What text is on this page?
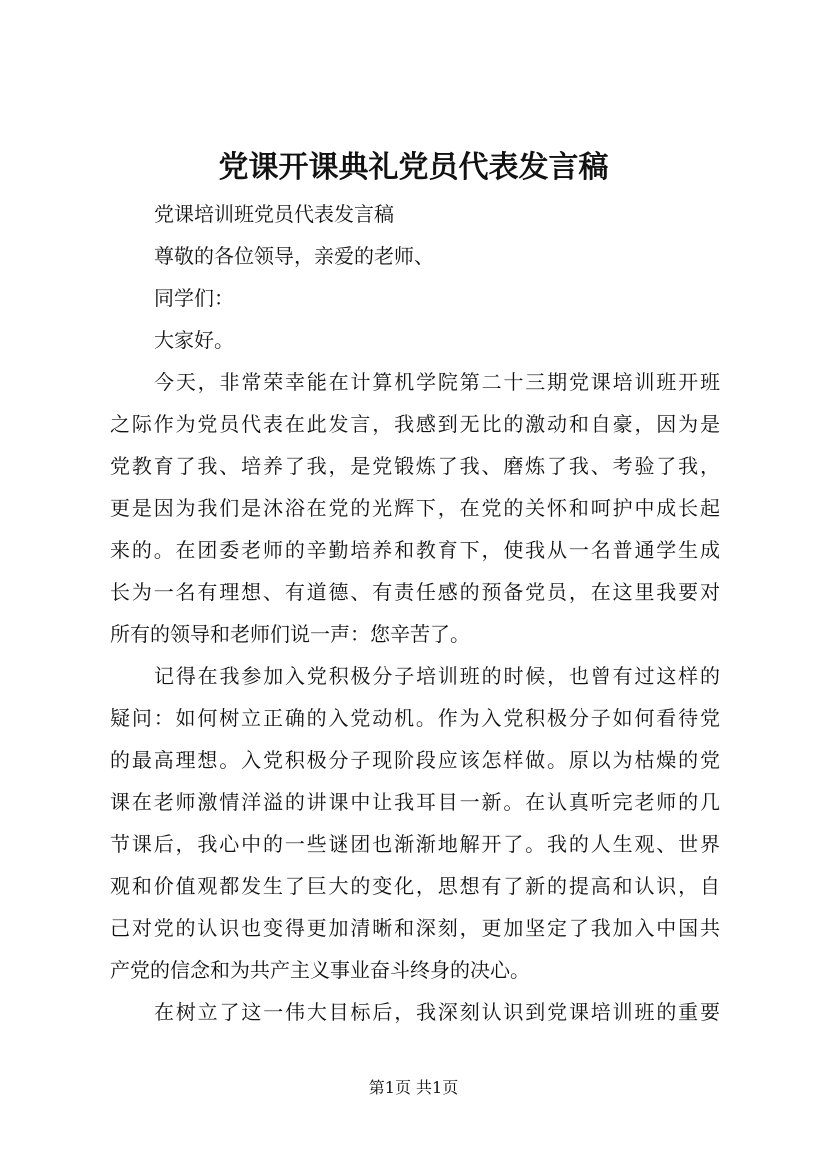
党课开课典礼党员代表发言稿
党课培训班党员代表发言稿
尊敬的各位领导，亲爱的老师、
同学们：
大家好。
今天，非常荣幸能在计算机学院第二十三期党课培训班开班
之际作为党员代表在此发言，我感到无比的激动和自豪，因为是
党教育了我、培养了我，是党锻炼了我、磨炼了我、考验了我，
更是因为我们是沐浴在党的光辉下，在党的关怀和呵护中成长起
来的。在团委老师的辛勤培养和教育下，使我从一名普通学生成
长为一名有理想、有道德、有责任感的预备党员，在这里我要对
所有的领导和老师们说一声：您辛苦了。
记得在我参加入党积极分子培训班的时候，也曾有过这样的
疑问：如何树立正确的入党动机。作为入党积极分子如何看待党
的最高理想。入党积极分子现阶段应该怎样做。原以为枯燥的党
课在老师激情洋溢的讲课中让我耳目一新。在认真听完老师的几
节课后，我心中的一些谜团也渐渐地解开了。我的人生观、世界
观和价值观都发生了巨大的变化，思想有了新的提高和认识，自
己对党的认识也变得更加清晰和深刻，更加坚定了我加入中国共
产党的信念和为共产主义事业奋斗终身的决心。
在树立了这一伟大目标后，我深刻认识到党课培训班的重要
第1页 共1页
